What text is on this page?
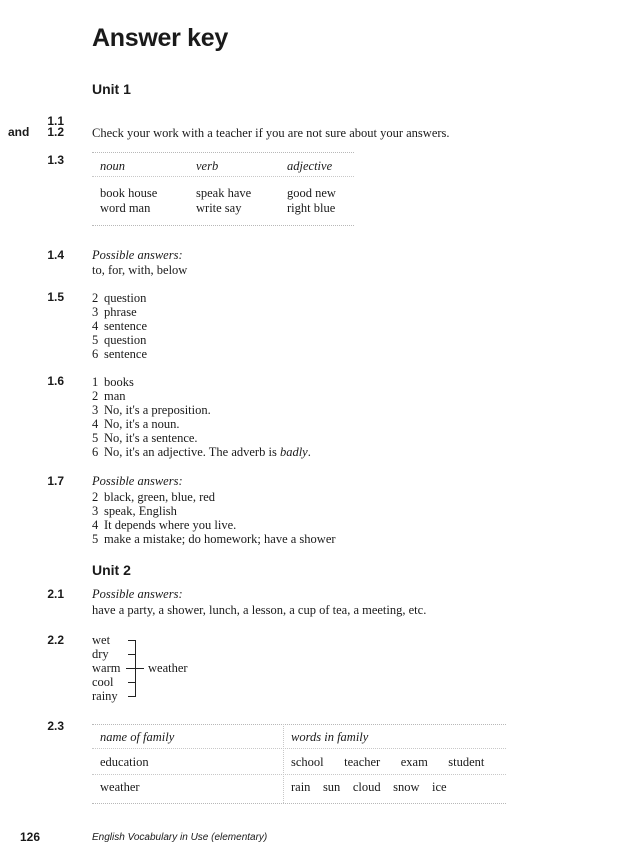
Answer key
Unit 1
1.1
and	1.2 Check your work with a teacher if you are not sure about your answers.
1.3	noun	verb	adjective
book house	speak have	good new
word man	write say	right blue
1.4 Possible answers:
to, for, with, below
1.5 2 question
3 phrase
4 sentence
5 question
6 sentence
1.6 1 books
2 man
3 No, it's a preposition.
4 No, it's a noun.
5 No, it's a sentence.
6 No, it's an adjective. The adverb is badly.
1.7 Possible answers:
2 black, green, blue, red
3 speak, English
4 It depends where you live.
5 make a mistake; do homework; have a shower
Unit 2
2.1 Possible answers:
have a party, a shower, lunch, a lesson, a cup of tea, a meeting, etc.
2.2 wet
dry
warm
cool
rainy
weather
2.3
name of family	words in family
education	school teacher exam student
weather	rain sun cloud snow ice
126	English Vocabulary in Use (elementary)
